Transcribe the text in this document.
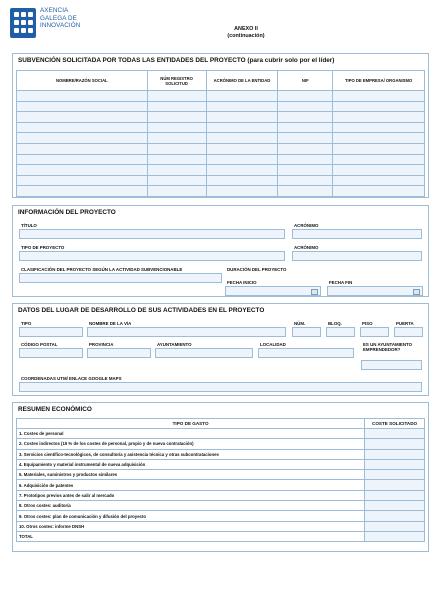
AXENCIA
GALEGA DE
INNOVACIÓN	ANEXO II
(continuación)
SUBVENCIÓN SOLICITADA POR TODAS LAS ENTIDADES DEL PROYECTO (para cubrir solo por el líder)
NOMBRE/RAZÓN SOCIAL	NÚM REGISTRO SOLICITUD	ACRÓNIMO DE LA ENTIDAD	NIF	TIPO DE EMPRESA/ ORGANISMO

INFORMACIÓN DEL PROYECTO
TÍTULO	ACRÓNIMO
TIPO DE PROYECTO	ACRÓNIMO
CLASIFICACIÓN DEL PROYECTO SEGÚN LA ACTIVIDAD SUBVENCIONABLE	DURACIÓN DEL PROYECTO
FECHA INICIO	FECHA FIN
DATOS DEL LUGAR DE DESARROLLO DE SUS ACTIVIDADES EN EL PROYECTO
TIPO	NOMBRE DE LA VÍA	NÚM.	BLOQ.	PISO	PUERTA
CÓDIGO POSTAL	PROVINCIA	AYUNTAMIENTO	LOCALIDAD	ES UN AYUNTAMIENTO EMPRENDEDOR?
COORDENADAS UTM/ ENLACE GOOGLE MAPS
RESUMEN ECONÓMICO
TIPO DE GASTO	COSTE SOLICITADO
1. Costes de personal	
2. Costes indirectos (15 % de los costes de personal, propio y de nueva contratación)	
3. Servicios científico-tecnológicos, de consultoría y asistencia técnica y otras subcontrataciones	
4. Equipamiento y material instrumental de nueva adquisición	
5. Materiales, suministros y productos similares	
6. Adquisición de patentes	
7. Prototipos previos antes de salir al mercado	
8. Otros costes: auditoría	
9. Otros costes: plan de comunicación y difusión del proyecto	
10. Otros costes: informe DNSH	
TOTAL	
